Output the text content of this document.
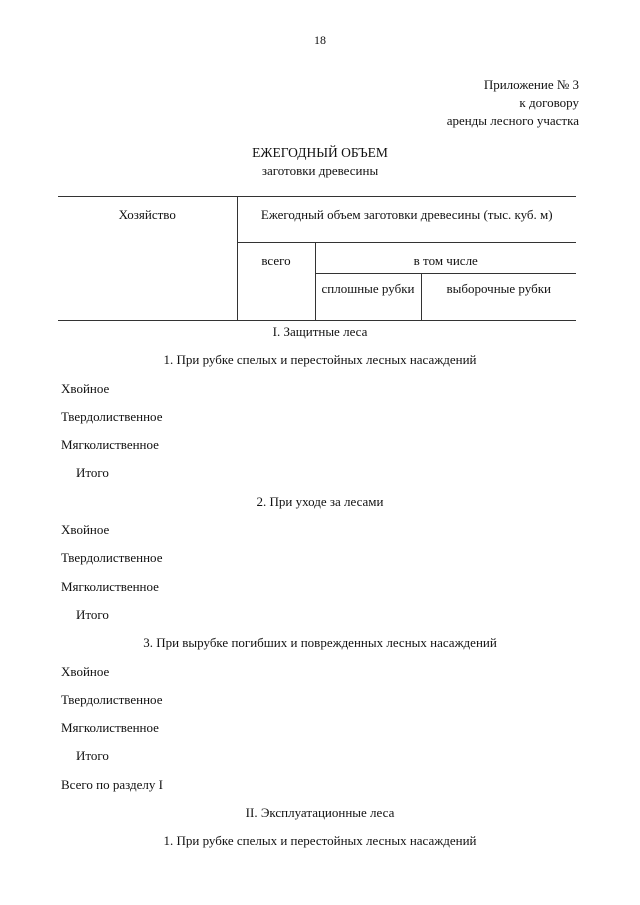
18
Приложение № 3
к договору
аренды лесного участка
ЕЖЕГОДНЫЙ ОБЪЕМ
заготовки древесины
Хозяйство	Ежегодный объем заготовки древесины (тыс. куб. м)		
	всего	в том числе	
		сплошные рубки	выборочные рубки
I. Защитные леса
1. При рубке спелых и перестойных лесных насаждений
Хвойное
Твердолиственное
Мягколиственное
Итого
2. При уходе за лесами
Хвойное
Твердолиственное
Мягколиственное
Итого
3. При вырубке погибших и поврежденных лесных насаждений
Хвойное
Твердолиственное
Мягколиственное
Итого
Всего по разделу I
II. Эксплуатационные леса
1. При рубке спелых и перестойных лесных насаждений
